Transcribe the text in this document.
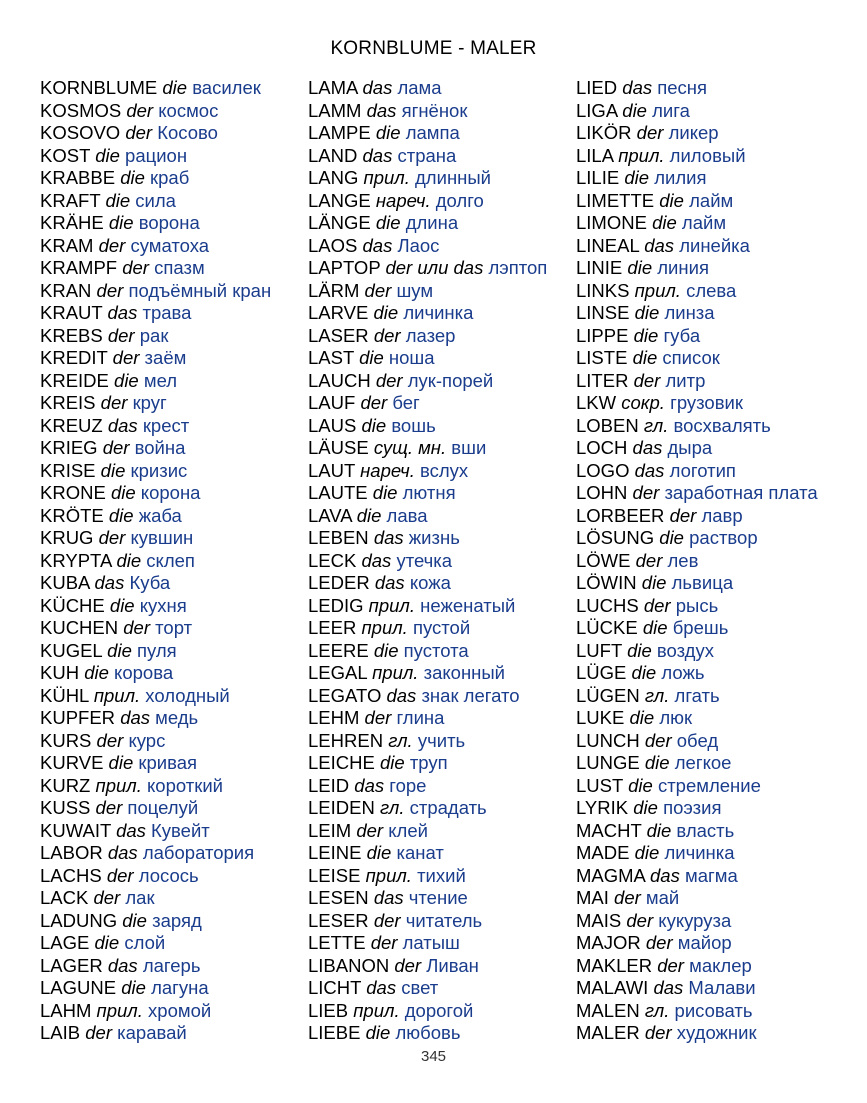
KORNBLUME - MALER
KORNBLUME die василек
KOSMOS der космос
KOSOVO der Косово
KOST die рацион
KRABBE die краб
KRAFT die сила
KRÄHE die ворона
KRAM der суматоха
KRAMPF der спазм
KRAN der подъёмный кран
KRAUT das трава
KREBS der рак
KREDIT der заём
KREIDE die мел
KREIS der круг
KREUZ das крест
KRIEG der война
KRISE die кризис
KRONE die корона
KRÖTE die жаба
KRUG der кувшин
KRYPTA die склеп
KUBA das Куба
KÜCHE die кухня
KUCHEN der торт
KUGEL die пуля
KUH die корова
KÜHL прил. холодный
KUPFER das медь
KURS der курс
KURVE die кривая
KURZ прил. короткий
KUSS der поцелуй
KUWAIT das Кувейт
LABOR das лаборатория
LACHS der лосось
LACK der лак
LADUNG die заряд
LAGE die слой
LAGER das лагерь
LAGUNE die лагуна
LAHM прил. хромой
LAIB der каравай
LAMA das лама
LAMM das ягнёнок
LAMPE die лампа
LAND das страна
LANG прил. длинный
LANGE нареч. долго
LÄNGE die длина
LAOS das Лаос
LAPTOP der или das лэптоп
LÄRM der шум
LARVE die личинка
LASER der лазер
LAST die ноша
LAUCH der лук-порей
LAUF der бег
LAUS die вошь
LÄUSE сущ. мн. вши
LAUT нареч. вслух
LAUTE die лютня
LAVA die лава
LEBEN das жизнь
LECK das утечка
LEDER das кожа
LEDIG прил. неженатый
LEER прил. пустой
LEERE die пустота
LEGAL прил. законный
LEGATO das знак легато
LEHM der глина
LEHREN гл. учить
LEICHE die труп
LEID das горе
LEIDEN гл. страдать
LEIM der клей
LEINE die канат
LEISE прил. тихий
LESEN das чтение
LESER der читатель
LETTE der латыш
LIBANON der Ливан
LICHT das свет
LIEB прил. дорогой
LIEBE die любовь
LIED das песня
LIGA die лига
LIKÖR der ликер
LILA прил. лиловый
LILIE die лилия
LIMETTE die лайм
LIMONE die лайм
LINEAL das линейка
LINIE die линия
LINKS прил. слева
LINSE die линза
LIPPE die губа
LISTE die список
LITER der литр
LKW сокр. грузовик
LOBEN гл. восхвалять
LOCH das дыра
LOGO das логотип
LOHN der заработная плата
LORBEER der лавр
LÖSUNG die раствор
LÖWE der лев
LÖWIN die львица
LUCHS der рысь
LÜCKE die брешь
LUFT die воздух
LÜGE die ложь
LÜGEN гл. лгать
LUKE die люк
LUNCH der обед
LUNGE die легкое
LUST die стремление
LYRIK die поэзия
MACHT die власть
MADE die личинка
MAGMA das магма
MAI der май
MAIS der кукуруза
MAJOR der майор
MAKLER der маклер
MALAWI das Малави
MALEN гл. рисовать
MALER der художник
345
